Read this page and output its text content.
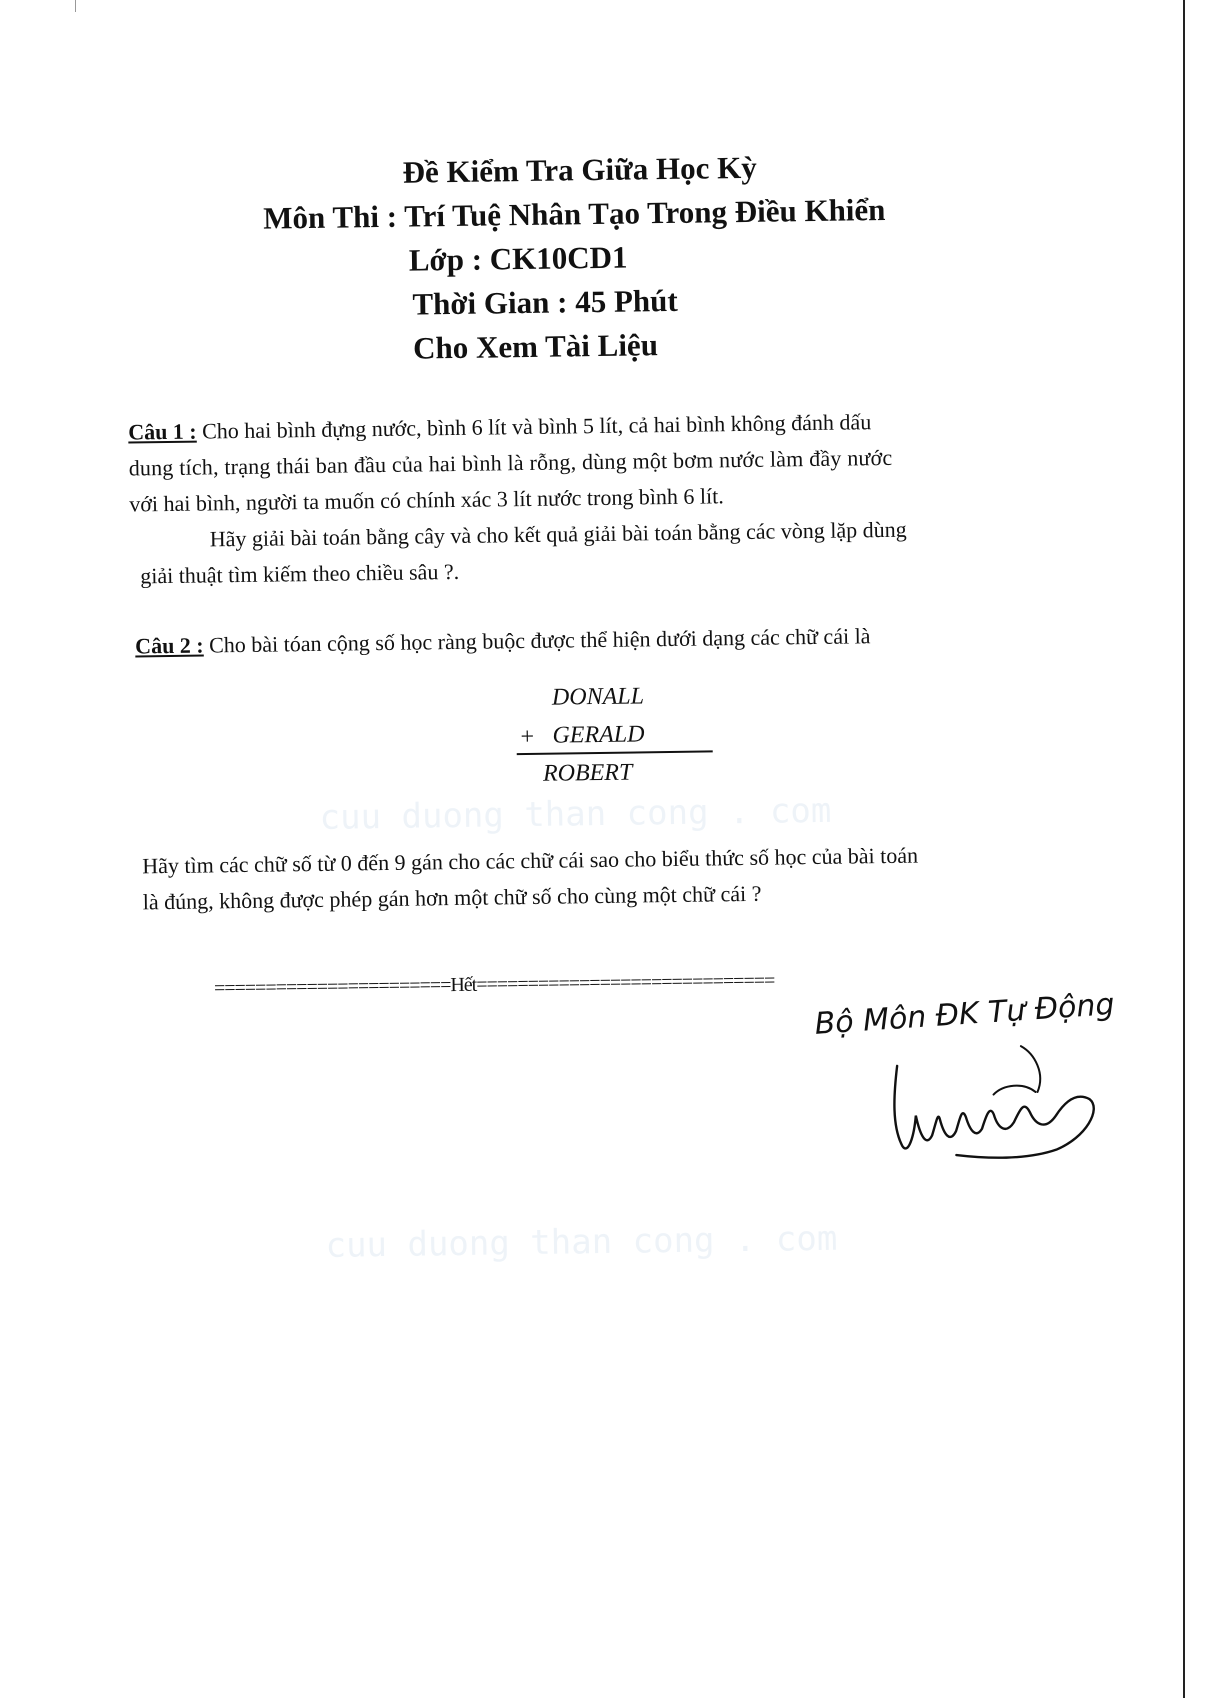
cuu duong than cong . com
cuu duong than cong . com
Đề Kiểm Tra Giữa Học Kỳ
Môn Thi : Trí Tuệ Nhân Tạo Trong Điều Khiển
Lớp : CK10CD1
Thời Gian : 45 Phút
Cho Xem Tài Liệu
Câu 1 : Cho hai bình đựng nước, bình 6 lít và bình 5 lít, cả hai bình không đánh dấu
dung tích, trạng thái ban đầu của hai bình là rỗng, dùng một bơm nước làm đầy nước
với hai bình, người ta muốn có chính xác 3 lít nước trong bình 6 lít.
Hãy giải bài toán bằng cây và cho kết quả giải bài toán bằng các vòng lặp dùng
giải thuật tìm kiếm theo chiều sâu ?.
Câu 2 : Cho bài tóan cộng số học ràng buộc được thể hiện dưới dạng các chữ cái là
DONALL
+ GERALD
ROBERT
Hãy tìm các chữ số từ 0 đến 9 gán cho các chữ cái sao cho biểu thức số học của bài toán
là đúng, không được phép gán hơn một chữ số cho cùng một chữ cái ?
=======================Hết=============================
Bộ Môn ĐK Tự Động
